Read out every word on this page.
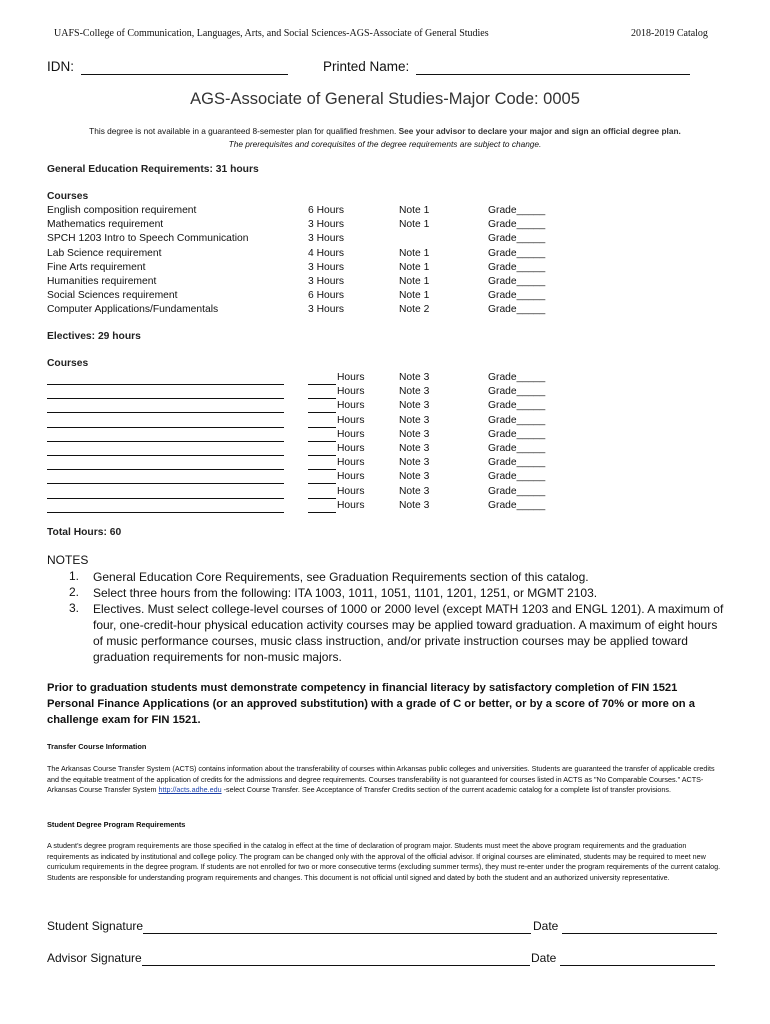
UAFS-College of Communication, Languages, Arts, and Social Sciences-AGS-Associate of General Studies	2018-2019 Catalog
IDN:	Printed Name:
AGS-Associate of General Studies-Major Code: 0005
This degree is not available in a guaranteed 8-semester plan for qualified freshmen. See your advisor to declare your major and sign an official degree plan.
The prerequisites and corequisites of the degree requirements are subject to change.
General Education Requirements: 31 hours
Courses
English composition requirement	6 Hours	Note 1	Grade_____
Mathematics requirement	3 Hours	Note 1	Grade_____
SPCH 1203 Intro to Speech Communication	3 Hours	Grade_____
Lab Science requirement	4 Hours	Note 1	Grade_____
Fine Arts requirement	3 Hours	Note 1	Grade_____
Humanities requirement	3 Hours	Note 1	Grade_____
Social Sciences requirement	6 Hours	Note 1	Grade_____
Computer Applications/Fundamentals	3 Hours	Note 2	Grade_____
Electives: 29 hours
Courses
Hours	Note 3	Grade_____
Hours	Note 3	Grade_____
Hours	Note 3	Grade_____
Hours	Note 3	Grade_____
Hours	Note 3	Grade_____
Hours	Note 3	Grade_____
Hours	Note 3	Grade_____
Hours	Note 3	Grade_____
Hours	Note 3	Grade_____
Hours	Note 3	Grade_____
Total Hours: 60
NOTES
1. General Education Core Requirements, see Graduation Requirements section of this catalog.
2. Select three hours from the following: ITA 1003, 1011, 1051, 1101, 1201, 1251, or MGMT 2103.
3. Electives. Must select college-level courses of 1000 or 2000 level (except MATH 1203 and ENGL 1201). A maximum of four, one-credit-hour physical education activity courses may be applied toward graduation. A maximum of eight hours of music performance courses, music class instruction, and/or private instruction courses may be applied toward graduation requirements for non-music majors.
Prior to graduation students must demonstrate competency in financial literacy by satisfactory completion of FIN 1521 Personal Finance Applications (or an approved substitution) with a grade of C or better, or by a score of 70% or more on a challenge exam for FIN 1521.
Transfer Course Information
The Arkansas Course Transfer System (ACTS) contains information about the transferability of courses within Arkansas public colleges and universities. Students are guaranteed the transfer of applicable credits and the equitable treatment of the application of credits for the admissions and degree requirements. Courses transferability is not guaranteed for courses listed in ACTS as "No Comparable Courses." ACTS-Arkansas Course Transfer System http://acts.adhe.edu -select Course Transfer. See Acceptance of Transfer Credits section of the current academic catalog for a complete list of transfer provisions.
Student Degree Program Requirements
A student’s degree program requirements are those specified in the catalog in effect at the time of declaration of program major. Students must meet the above program requirements and the graduation requirements as indicated by institutional and college policy. The program can be changed only with the approval of the official advisor. If original courses are eliminated, students may be required to meet new curriculum requirements in the degree program. If students are not enrolled for two or more consecutive terms (excluding summer terms), they must re-enter under the program requirements of the current catalog. Students are responsible for understanding program requirements and changes. This document is not official until signed and dated by both the student and an authorized university representative.
Student Signature	Date
Advisor Signature	Date
